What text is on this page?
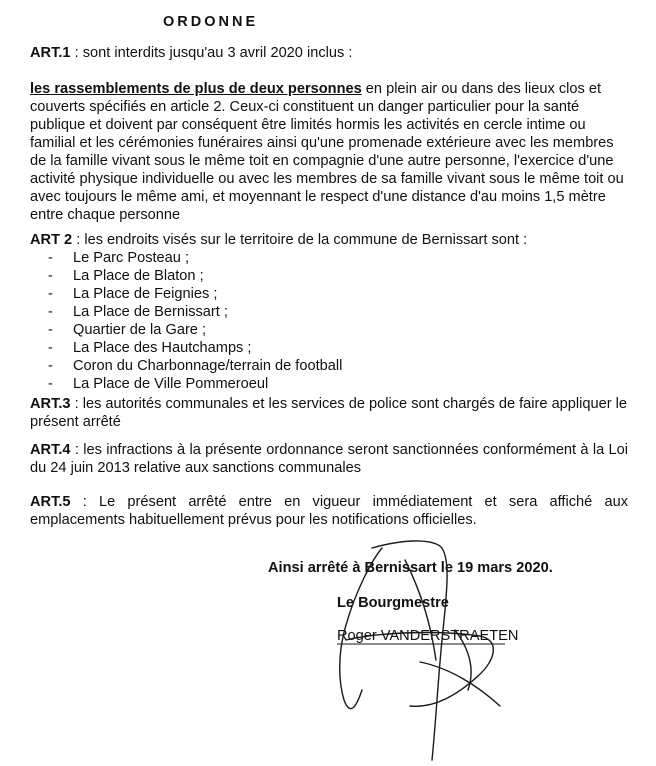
ORDONNE
ART.1 : sont interdits jusqu'au 3 avril 2020 inclus :
les rassemblements de plus de deux personnes en plein air ou dans des lieux clos et couverts spécifiés en article 2. Ceux-ci constituent un danger particulier pour la santé publique et doivent par conséquent être limités hormis les activités en cercle intime ou familial et les cérémonies funéraires ainsi qu'une promenade extérieure avec les membres de la famille vivant sous le même toit en compagnie d'une autre personne, l'exercice d'une activité physique individuelle ou avec les membres de sa famille vivant sous le même toit ou avec toujours le même ami, et moyennant le respect d'une distance d'au moins 1,5 mètre entre chaque personne
ART 2 : les endroits visés sur le territoire de la commune de Bernissart sont :
- Le Parc Posteau ;
- La Place de Blaton ;
- La Place de Feignies ;
- La Place de Bernissart ;
- Quartier de la Gare ;
- La Place des Hautchamps ;
- Coron du Charbonnage/terrain de football
- La Place de Ville Pommeroeul
ART.3 : les autorités communales et les services de police sont chargés de faire appliquer le présent arrêté
ART.4 : les infractions à la présente ordonnance seront sanctionnées conformément à la Loi du 24 juin 2013 relative aux sanctions communales
ART.5 : Le présent arrêté entre en vigueur immédiatement et sera affiché aux emplacements habituellement prévus pour les notifications officielles.
Ainsi arrêté à Bernissart le 19 mars 2020.
Le Bourgmestre
Roger VANDERSTRAETEN
